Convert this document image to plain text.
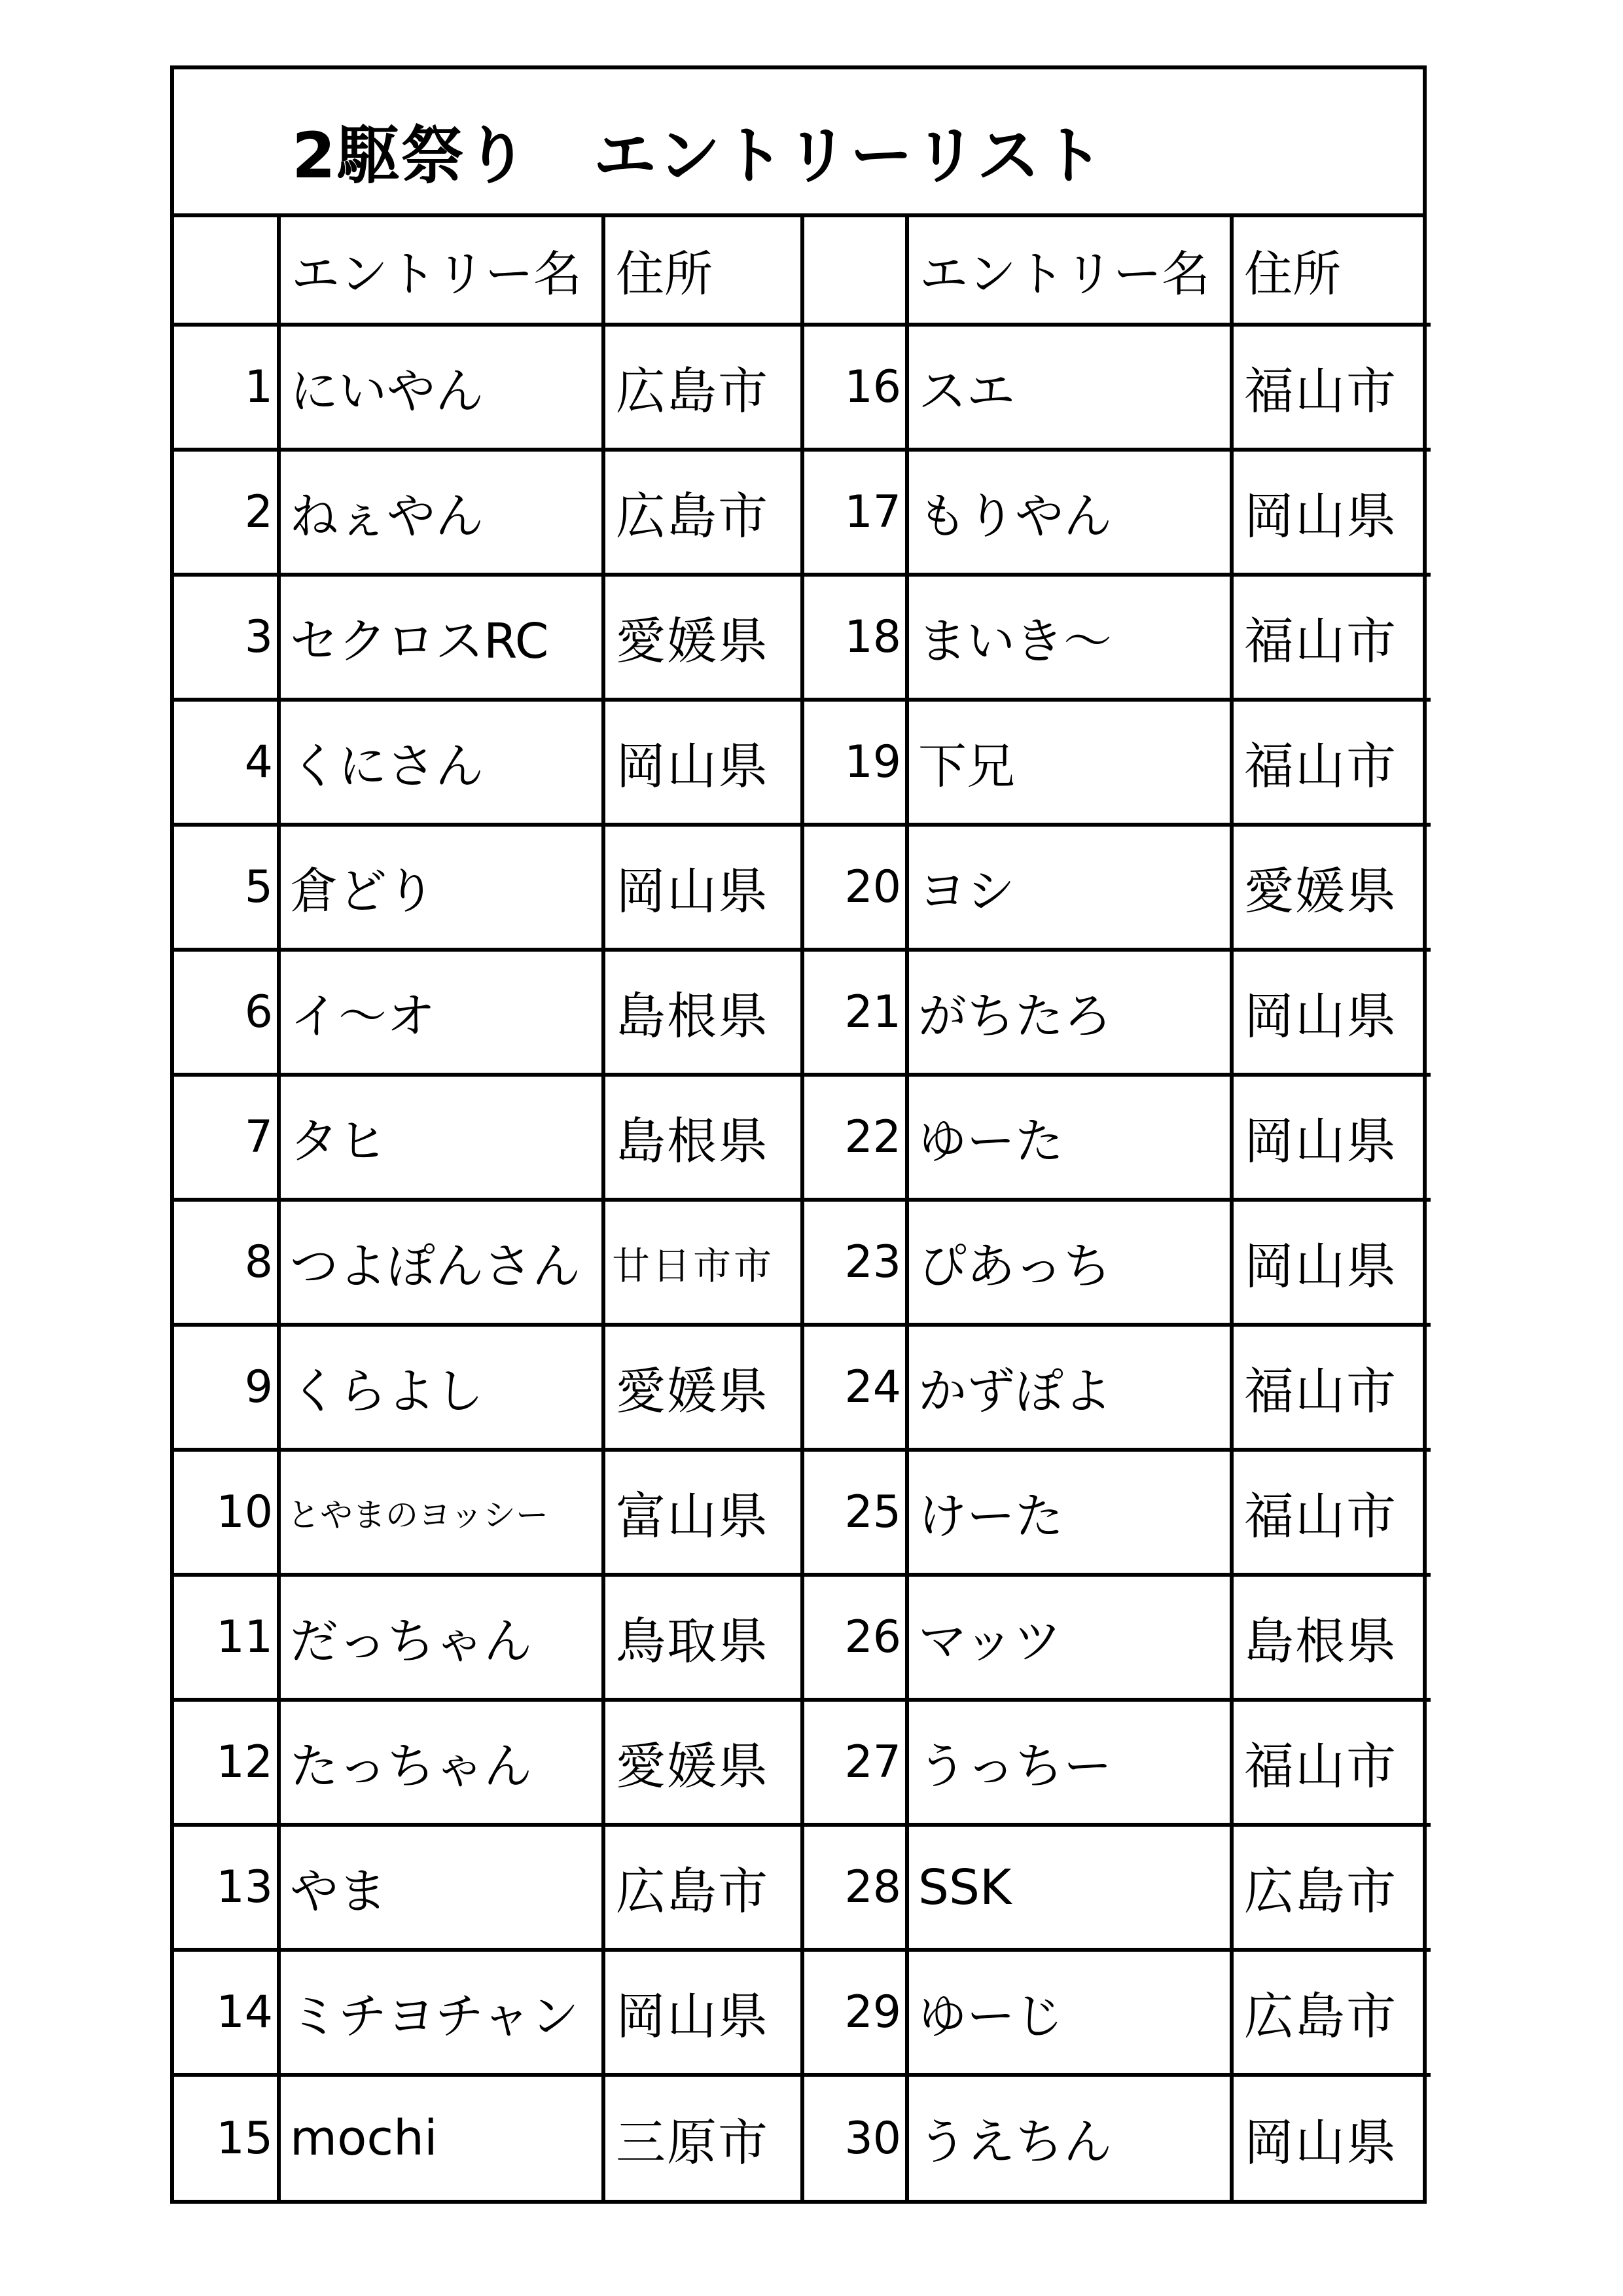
2駆祭り　エントリーリスト
	エントリー名	住所		エントリー名	住所
1	にいやん	広島市	16	スエ	福山市
2	ねぇやん	広島市	17	もりやん	岡山県
3	セクロスRC	愛媛県	18	まいき～	福山市
4	くにさん	岡山県	19	下兄	福山市
5	倉どり	岡山県	20	ヨシ	愛媛県
6	イ～オ	島根県	21	がちたろ	岡山県
7	タヒ	島根県	22	ゆーた	岡山県
8	つよぽんさん	廿日市市	23	ぴあっち	岡山県
9	くらよし	愛媛県	24	かずぽよ	福山市
10	とやまのヨッシー	富山県	25	けーた	福山市
11	だっちゃん	鳥取県	26	マッツ	島根県
12	たっちゃん	愛媛県	27	うっちー	福山市
13	やま	広島市	28	SSK	広島市
14	ミチヨチャン	岡山県	29	ゆーじ	広島市
15	mochi	三原市	30	うえちん	岡山県
